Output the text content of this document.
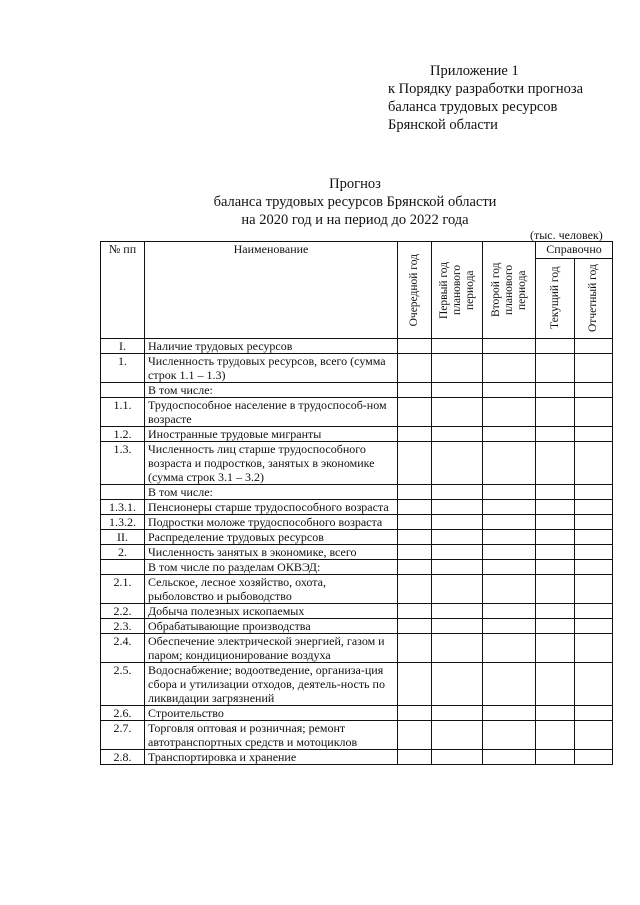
Приложение 1
к Порядку разработки прогноза
баланса трудовых ресурсов
Брянской области
Прогноз
баланса трудовых ресурсов Брянской области
на 2020 год и на период до 2022 года
(тыс. человек)
№ пп	Наименование	Очередной год	Первый год планового периода	Второй год планового периода	Справочно	

					Текущий год	Отчетный год

I.	Наличие трудовых ресурсов					
1.	Численность трудовых ресурсов, всего (сумма строк 1.1 – 1.3)					
	В том числе:					
1.1.	Трудоспособное население в трудоспособ-ном возрасте					
1.2.	Иностранные трудовые мигранты					
1.3.	Численность лиц старше трудоспособного возраста и подростков, занятых в экономике (сумма строк 3.1 – 3.2)					
	В том числе:					
1.3.1.	Пенсионеры старше трудоспособного возраста					
1.3.2.	Подростки моложе трудоспособного возраста					
II.	Распределение трудовых ресурсов					
2.	Численность занятых в экономике, всего					
	В том числе по разделам ОКВЭД:					
2.1.	Сельское, лесное хозяйство, охота, рыболовство и рыбоводство					
2.2.	Добыча полезных ископаемых					
2.3.	Обрабатывающие производства					
2.4.	Обеспечение электрической энергией, газом и паром; кондиционирование воздуха					
2.5.	Водоснабжение; водоотведение, организа-ция сбора и утилизации отходов, деятель-ность по ликвидации загрязнений					
2.6.	Строительство					
2.7.	Торговля оптовая и розничная; ремонт автотранспортных средств и мотоциклов					
2.8.	Транспортировка и хранение					
